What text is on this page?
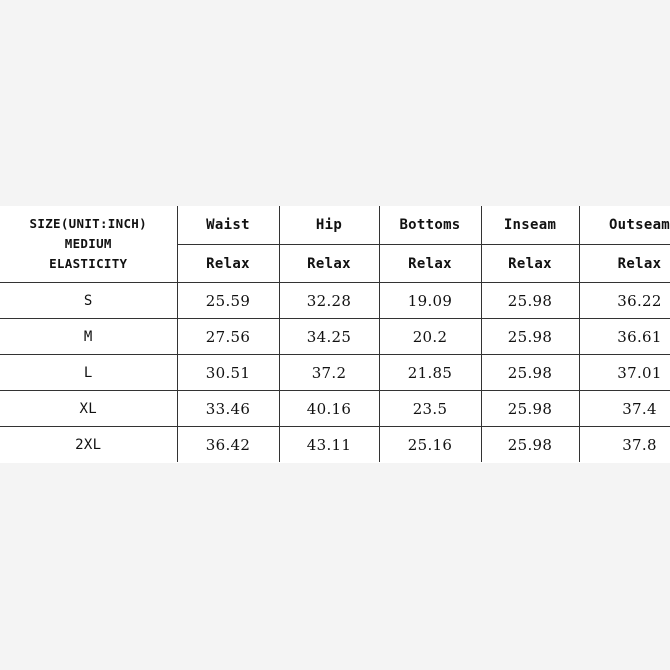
SIZE(UNIT:INCH)
MEDIUM
ELASTICITY	Waist	Hip	Bottoms	Inseam	Outseam
	Relax	Relax	Relax	Relax	Relax
S	25.59	32.28	19.09	25.98	36.22
M	27.56	34.25	20.2	25.98	36.61
L	30.51	37.2	21.85	25.98	37.01
XL	33.46	40.16	23.5	25.98	37.4
2XL	36.42	43.11	25.16	25.98	37.8
